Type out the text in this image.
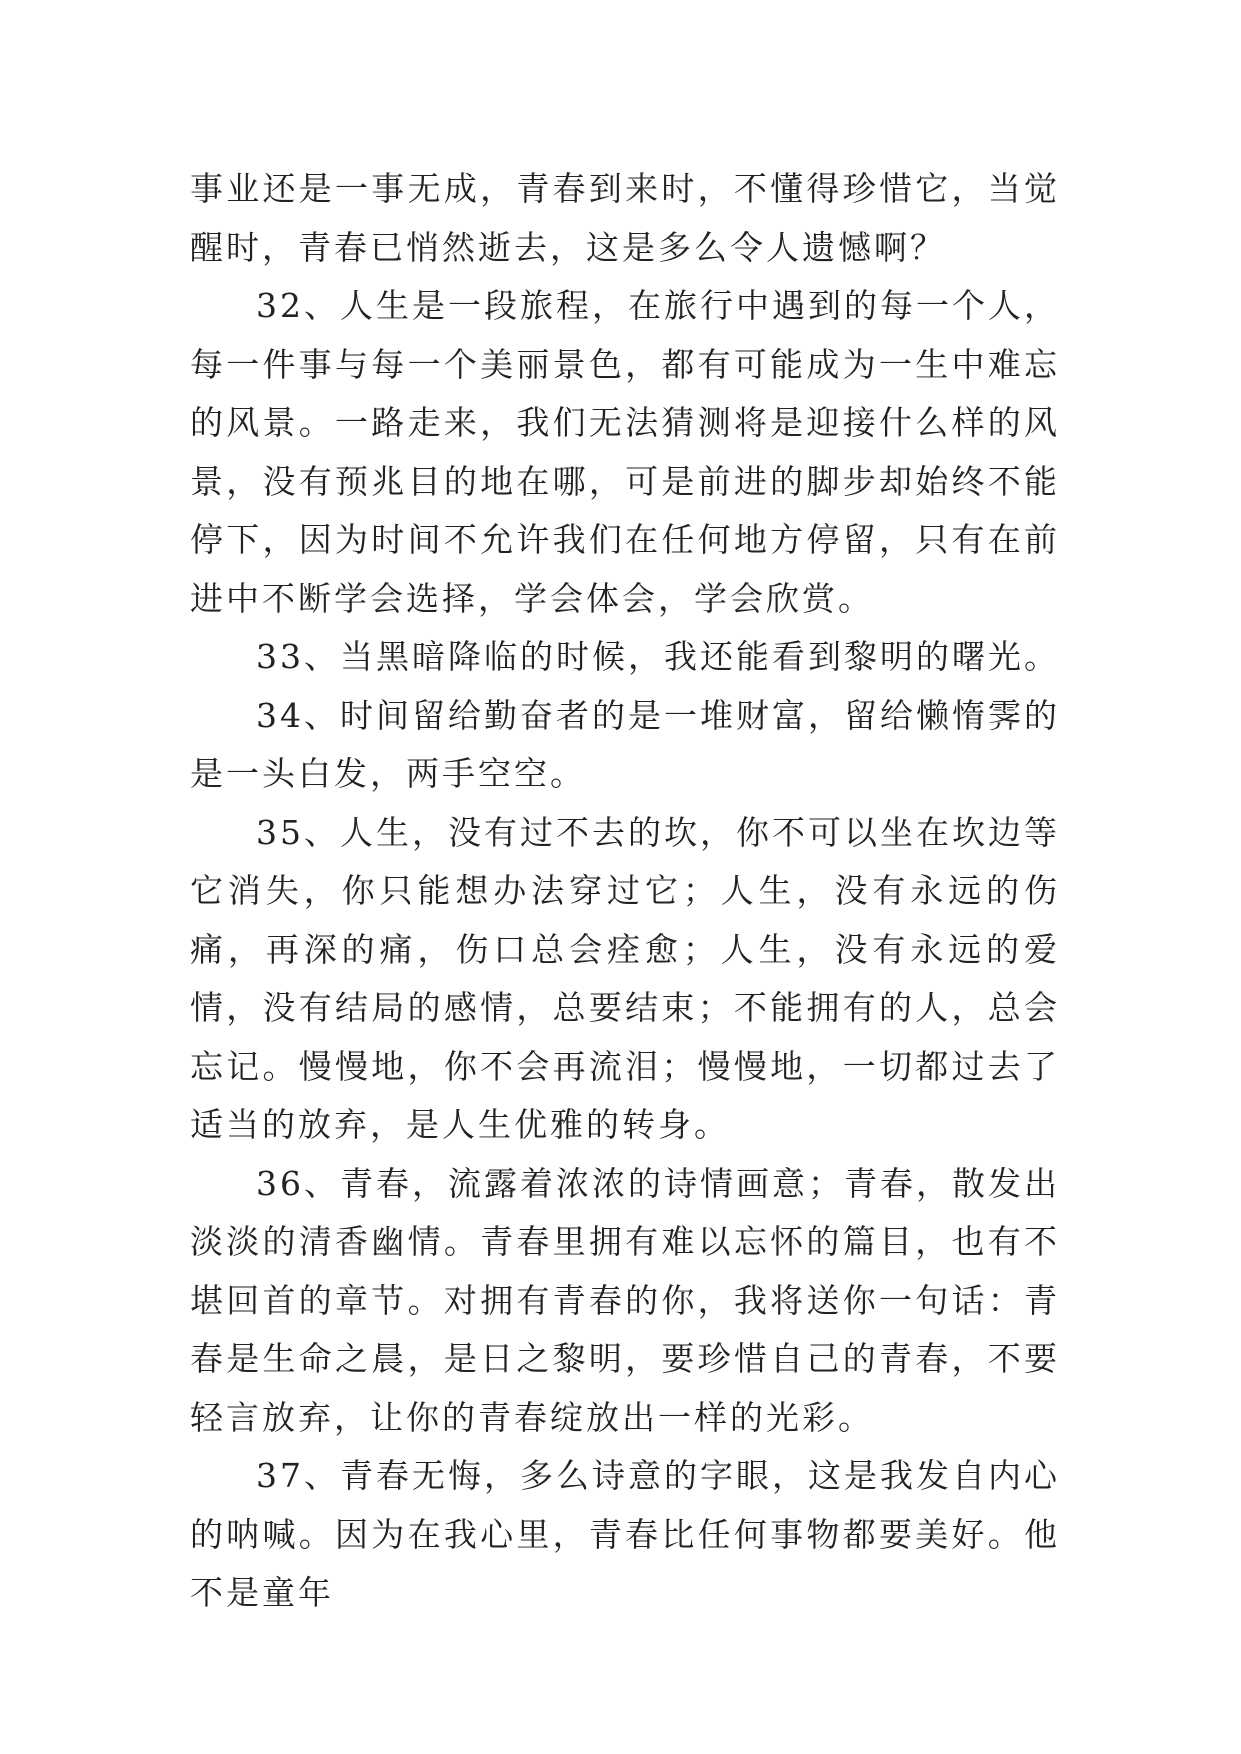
事业还是一事无成，青春到来时，不懂得珍惜它，当觉醒时，青春已悄然逝去，这是多么令人遗憾啊？

32、人生是一段旅程，在旅行中遇到的每一个人，每一件事与每一个美丽景色，都有可能成为一生中难忘的风景。一路走来，我们无法猜测将是迎接什么样的风景，没有预兆目的地在哪，可是前进的脚步却始终不能停下，因为时间不允许我们在任何地方停留，只有在前进中不断学会选择，学会体会，学会欣赏。

33、当黑暗降临的时候，我还能看到黎明的曙光。

34、时间留给勤奋者的是一堆财富，留给懒惰霁的是一头白发，两手空空。

35、人生，没有过不去的坎，你不可以坐在坎边等它消失，你只能想办法穿过它；人生，没有永远的伤痛，再深的痛，伤口总会痊愈；人生，没有永远的爱情，没有结局的感情，总要结束；不能拥有的人，总会忘记。慢慢地，你不会再流泪；慢慢地，一切都过去了适当的放弃，是人生优雅的转身。

36、青春，流露着浓浓的诗情画意；青春，散发出淡淡的清香幽情。青春里拥有难以忘怀的篇目，也有不堪回首的章节。对拥有青春的你，我将送你一句话：青春是生命之晨，是日之黎明，要珍惜自己的青春，不要轻言放弃，让你的青春绽放出一样的光彩。

37、青春无悔，多么诗意的字眼，这是我发自内心的呐喊。因为在我心里，青春比任何事物都要美好。他不是童年
